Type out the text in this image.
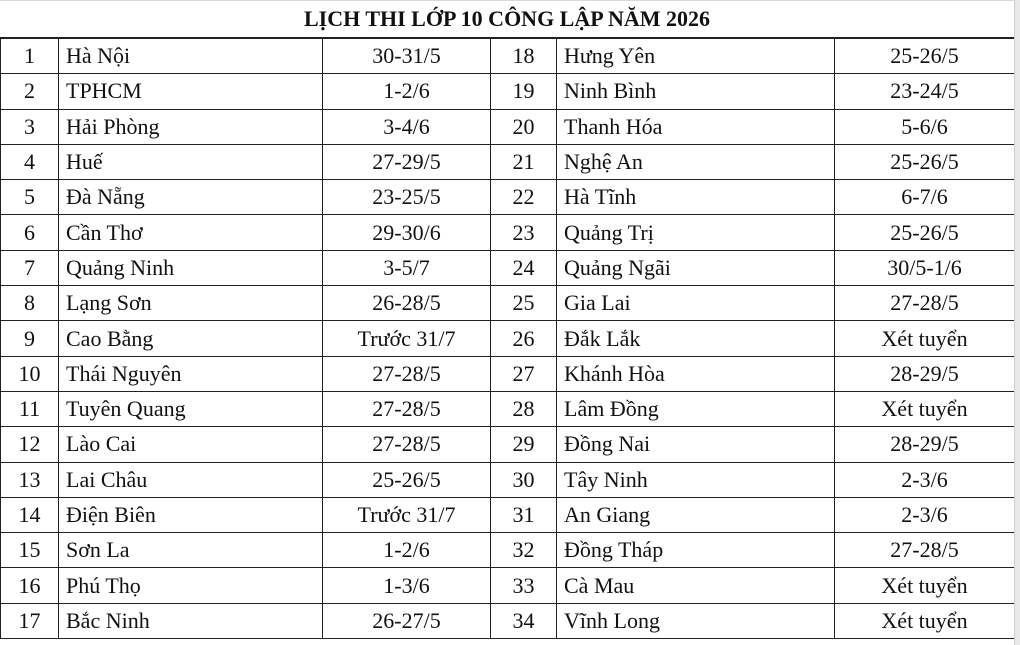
LỊCH THI LỚP 10 CÔNG LẬP NĂM 2026
1	Hà Nội	30-31/5	18	Hưng Yên	25-26/5
2	TPHCM	1-2/6	19	Ninh Bình	23-24/5
3	Hải Phòng	3-4/6	20	Thanh Hóa	5-6/6
4	Huế	27-29/5	21	Nghệ An	25-26/5
5	Đà Nẵng	23-25/5	22	Hà Tĩnh	6-7/6
6	Cần Thơ	29-30/6	23	Quảng Trị	25-26/5
7	Quảng Ninh	3-5/7	24	Quảng Ngãi	30/5-1/6
8	Lạng Sơn	26-28/5	25	Gia Lai	27-28/5
9	Cao Bằng	Trước 31/7	26	Đắk Lắk	Xét tuyển
10	Thái Nguyên	27-28/5	27	Khánh Hòa	28-29/5
11	Tuyên Quang	27-28/5	28	Lâm Đồng	Xét tuyển
12	Lào Cai	27-28/5	29	Đồng Nai	28-29/5
13	Lai Châu	25-26/5	30	Tây Ninh	2-3/6
14	Điện Biên	Trước 31/7	31	An Giang	2-3/6
15	Sơn La	1-2/6	32	Đồng Tháp	27-28/5
16	Phú Thọ	1-3/6	33	Cà Mau	Xét tuyển
17	Bắc Ninh	26-27/5	34	Vĩnh Long	Xét tuyển
